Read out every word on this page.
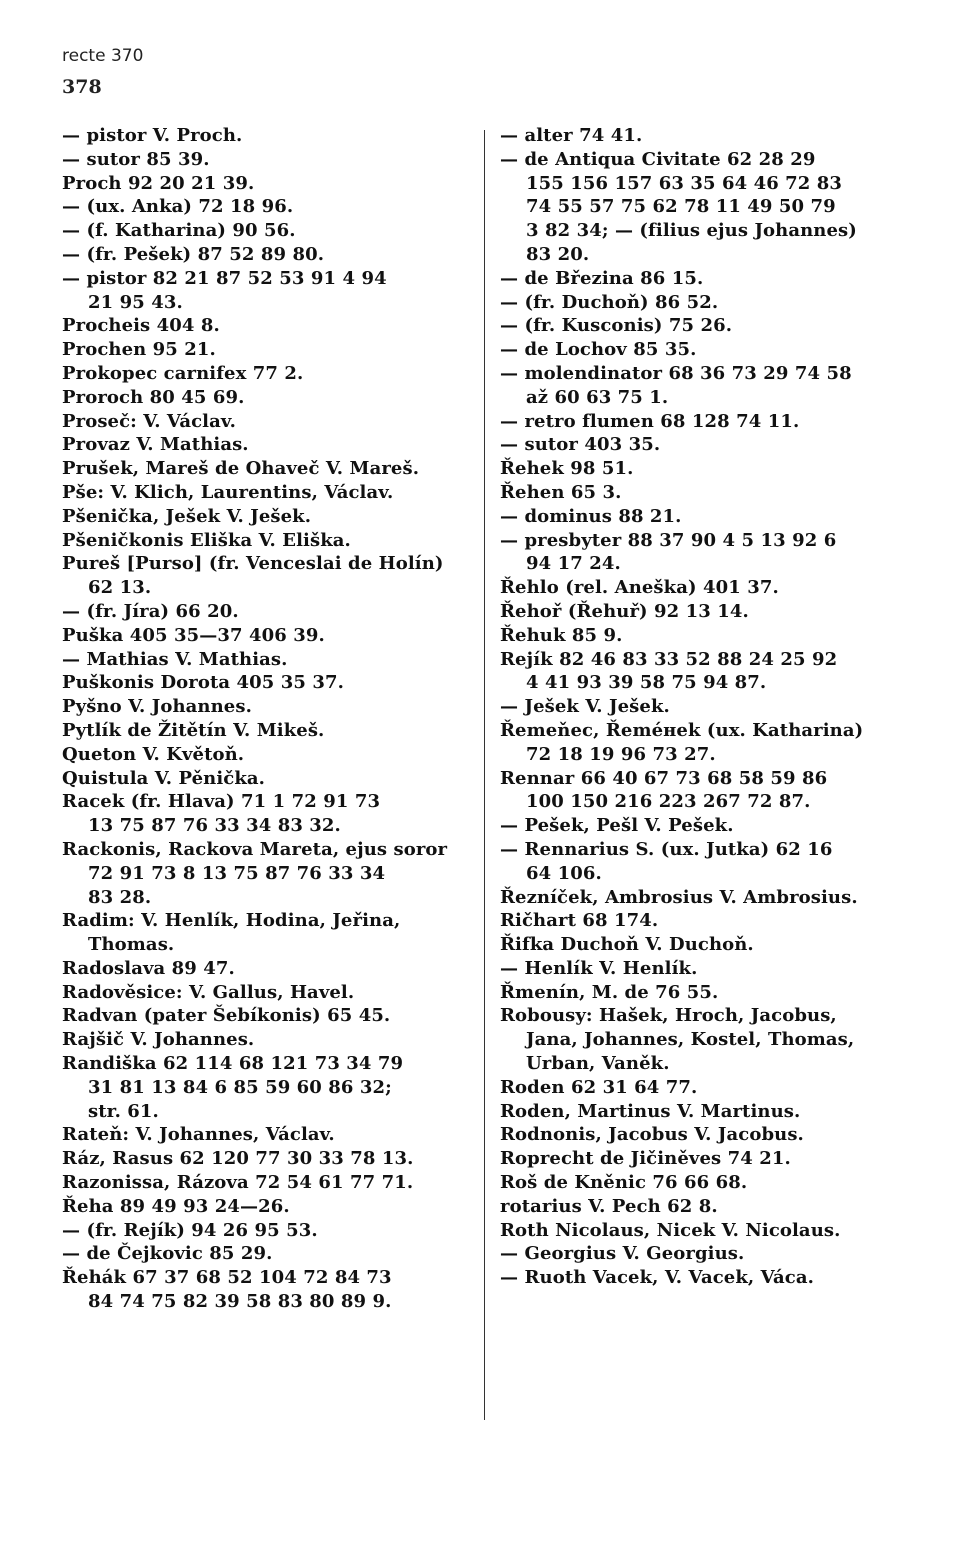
recte 370
378
— pistor V. Proch.
— sutor 85 39.
Proch 92 20 21 39.
— (ux. Anka) 72 18 96.
— (f. Katharina) 90 56.
— (fr. Pešek) 87 52 89 80.
— pistor 82 21 87 52 53 91 4 94
21 95 43.
Procheis 404 8.
Prochen 95 21.
Prokopec carnifex 77 2.
Proroch 80 45 69.
Proseč: V. Václav.
Provaz V. Mathias.
Prušek, Mareš de Ohaveč V. Mareš.
Pše: V. Klich, Laurentins, Václav.
Pšenička, Ješek V. Ješek.
Pšeničkonis Eliška V. Eliška.
Pureš [Purso] (fr. Venceslai de Holín)
62 13.
— (fr. Jíra) 66 20.
Puška 405 35—37 406 39.
— Mathias V. Mathias.
Puškonis Dorota 405 35 37.
Pyšno V. Johannes.
Pytlík de Žitětín V. Mikeš.
Queton V. Květoň.
Quistula V. Pěnička.
Racek (fr. Hlava) 71 1 72 91 73
13 75 87 76 33 34 83 32.
Rackonis, Rackova Mareta, ejus soror
72 91 73 8 13 75 87 76 33 34
83 28.
Radim: V. Henlík, Hodina, Jeřina,
Thomas.
Radoslava 89 47.
Radověsice: V. Gallus, Havel.
Radvan (pater Šebíkonis) 65 45.
Rajšič V. Johannes.
Randiška 62 114 68 121 73 34 79
31 81 13 84 6 85 59 60 86 32;
str. 61.
Rateň: V. Johannes, Václav.
Ráz, Rasus 62 120 77 30 33 78 13.
Razonissa, Rázova 72 54 61 77 71.
Řeha 89 49 93 24—26.
— (fr. Rejík) 94 26 95 53.
— de Čejkovic 85 29.
Řehák 67 37 68 52 104 72 84 73
84 74 75 82 39 58 83 80 89 9.
— alter 74 41.
— de Antiqua Civitate 62 28 29
155 156 157 63 35 64 46 72 83
74 55 57 75 62 78 11 49 50 79
3 82 34; — (filius ejus Johannes)
83 20.
— de Březina 86 15.
— (fr. Duchoň) 86 52.
— (fr. Kusconis) 75 26.
— de Lochov 85 35.
— molendinator 68 36 73 29 74 58
až 60 63 75 1.
— retro flumen 68 128 74 11.
— sutor 403 35.
Řehek 98 51.
Řehen 65 3.
— dominus 88 21.
— presbyter 88 37 90 4 5 13 92 6
94 17 24.
Řehlo (rel. Aneška) 401 37.
Řehoř (Řehuř) 92 13 14.
Řehuk 85 9.
Rejík 82 46 83 33 52 88 24 25 92
4 41 93 39 58 75 94 87.
— Ješek V. Ješek.
Řemeňec, Řeméнek (ux. Katharina)
72 18 19 96 73 27.
Rennar 66 40 67 73 68 58 59 86
100 150 216 223 267 72 87.
— Pešek, Pešl V. Pešek.
— Rennarius S. (ux. Jutka) 62 16
64 106.
Řezníček, Ambrosius V. Ambrosius.
Ričhart 68 174.
Řifka Duchoň V. Duchoň.
— Henlík V. Henlík.
Řmenín, M. de 76 55.
Robousy: Hašek, Hroch, Jacobus,
Jana, Johannes, Kostel, Thomas,
Urban, Vaněk.
Roden 62 31 64 77.
Roden, Martinus V. Martinus.
Rodnonis, Jacobus V. Jacobus.
Roprecht de Jičiněves 74 21.
Roš de Kněnic 76 66 68.
rotarius V. Pech 62 8.
Roth Nicolaus, Nicek V. Nicolaus.
— Georgius V. Georgius.
— Ruoth Vacek, V. Vacek, Váca.
